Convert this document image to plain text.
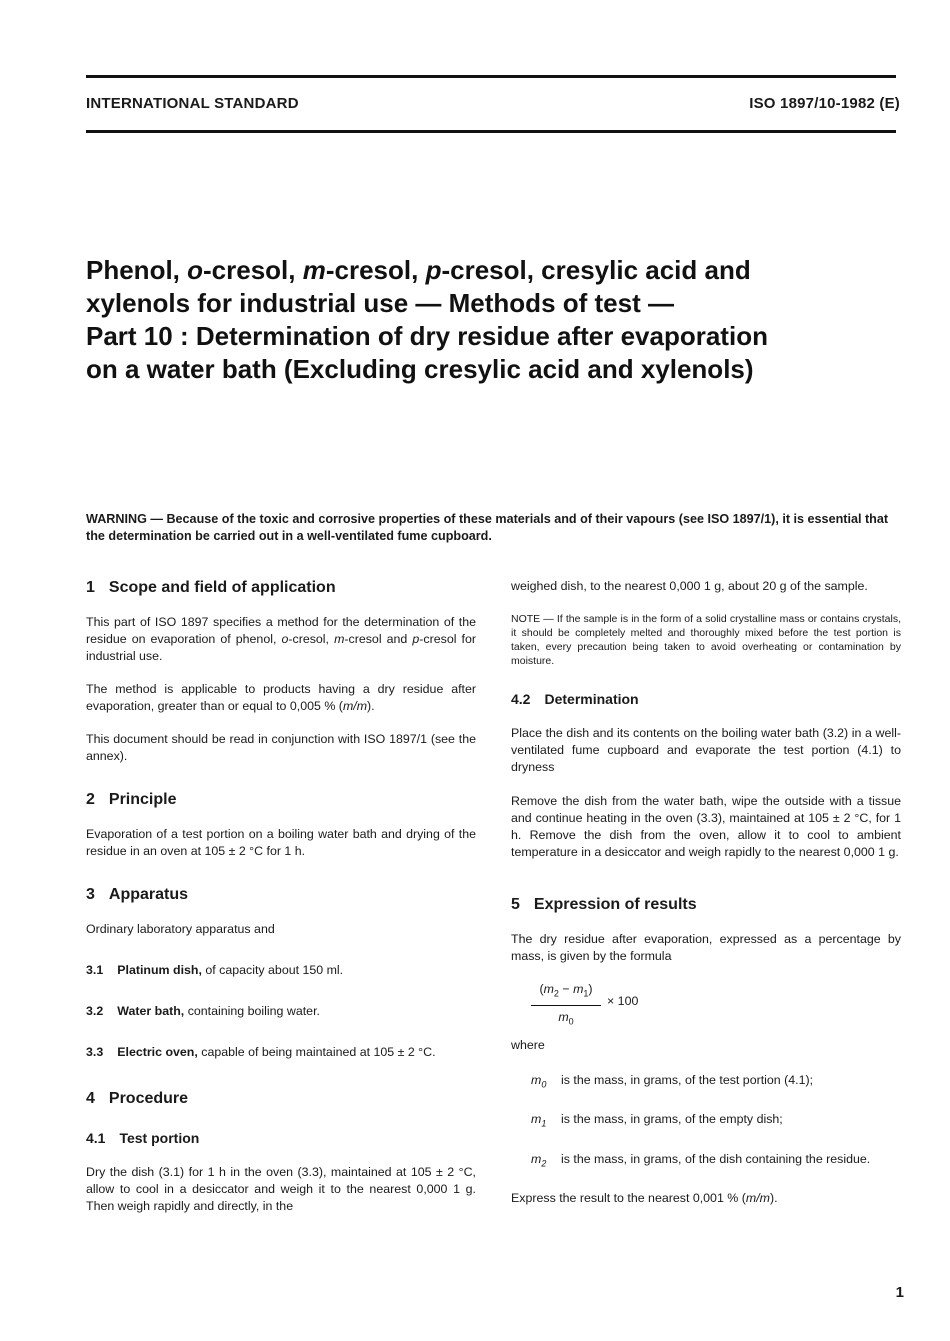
INTERNATIONAL STANDARD	ISO 1897/10-1982 (E)
Phenol, o-cresol, m-cresol, p-cresol, cresylic acid and
xylenols for industrial use — Methods of test —
Part 10 : Determination of dry residue after evaporation
on a water bath (Excluding cresylic acid and xylenols)

WARNING — Because of the toxic and corrosive properties of these materials and of their vapours (see ISO 1897/1), it is essential that the determination be carried out in a well-ventilated fume cupboard.

1 Scope and field of application

This part of ISO 1897 specifies a method for the determination of the residue on evaporation of phenol, o-cresol, m-cresol and p-cresol for industrial use.

The method is applicable to products having a dry residue after evaporation, greater than or equal to 0,005 % (m/m).

This document should be read in conjunction with ISO 1897/1 (see the annex).

2 Principle

Evaporation of a test portion on a boiling water bath and drying of the residue in an oven at 105 ± 2 °C for 1 h.

3 Apparatus

Ordinary laboratory apparatus and

3.1 Platinum dish, of capacity about 150 ml.

3.2 Water bath, containing boiling water.

3.3 Electric oven, capable of being maintained at 105 ± 2 °C.

4 Procedure
4.1 Test portion

Dry the dish (3.1) for 1 h in the oven (3.3), maintained at 105 ± 2 °C, allow to cool in a desiccator and weigh it to the nearest 0,000 1 g. Then weigh rapidly and directly, in the

weighed dish, to the nearest 0,000 1 g, about 20 g of the sample.

NOTE — If the sample is in the form of a solid crystalline mass or contains crystals, it should be completely melted and thoroughly mixed before the test portion is taken, every precaution being taken to avoid overheating or contamination by moisture.

4.2 Determination

Place the dish and its contents on the boiling water bath (3.2) in a well-ventilated fume cupboard and evaporate the test portion (4.1) to dryness

Remove the dish from the water bath, wipe the outside with a tissue and continue heating in the oven (3.3), maintained at 105 ± 2 °C, for 1 h. Remove the dish from the oven, allow it to cool to ambient temperature in a desiccator and weigh rapidly to the nearest 0,000 1 g.

5 Expression of results

The dry residue after evaporation, expressed as a percentage by mass, is given by the formula

$\frac{(m_2 - m_1)}{m_0} \times 100$

where

$m_0$ is the mass, in grams, of the test portion (4.1);

$m_1$ is the mass, in grams, of the empty dish;

$m_2$ is the mass, in grams, of the dish containing the residue.

Express the result to the nearest 0,001 % (m/m).

1
